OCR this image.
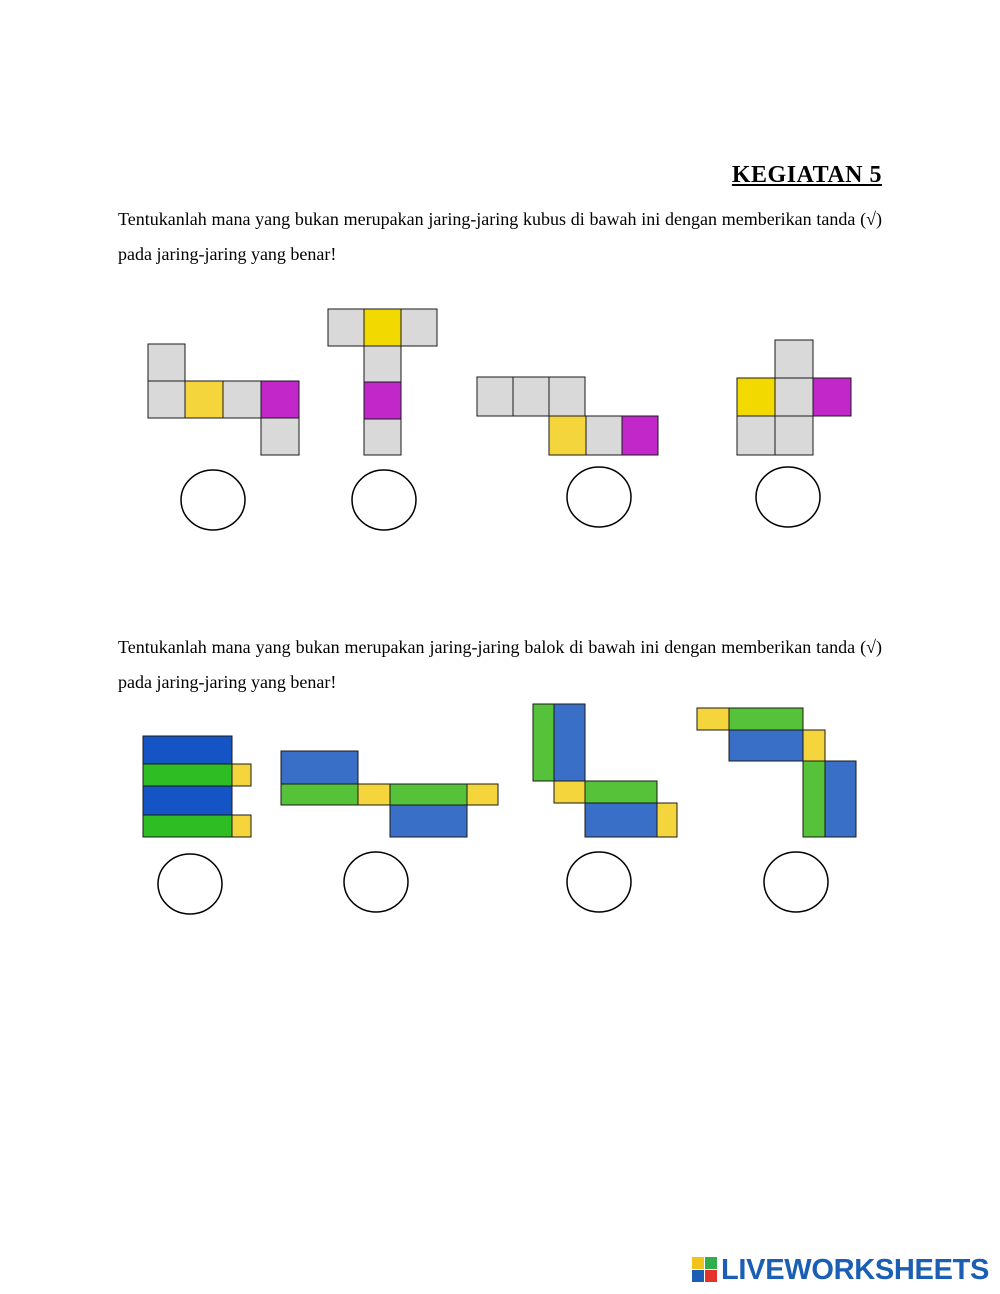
KEGIATAN 5
Tentukanlah mana yang bukan merupakan jaring-jaring kubus di bawah ini dengan memberikan tanda (√) pada jaring-jaring yang benar!
Tentukanlah mana yang bukan merupakan jaring-jaring balok di bawah ini dengan memberikan tanda (√) pada jaring-jaring yang benar!
LIVEWORKSHEETS
